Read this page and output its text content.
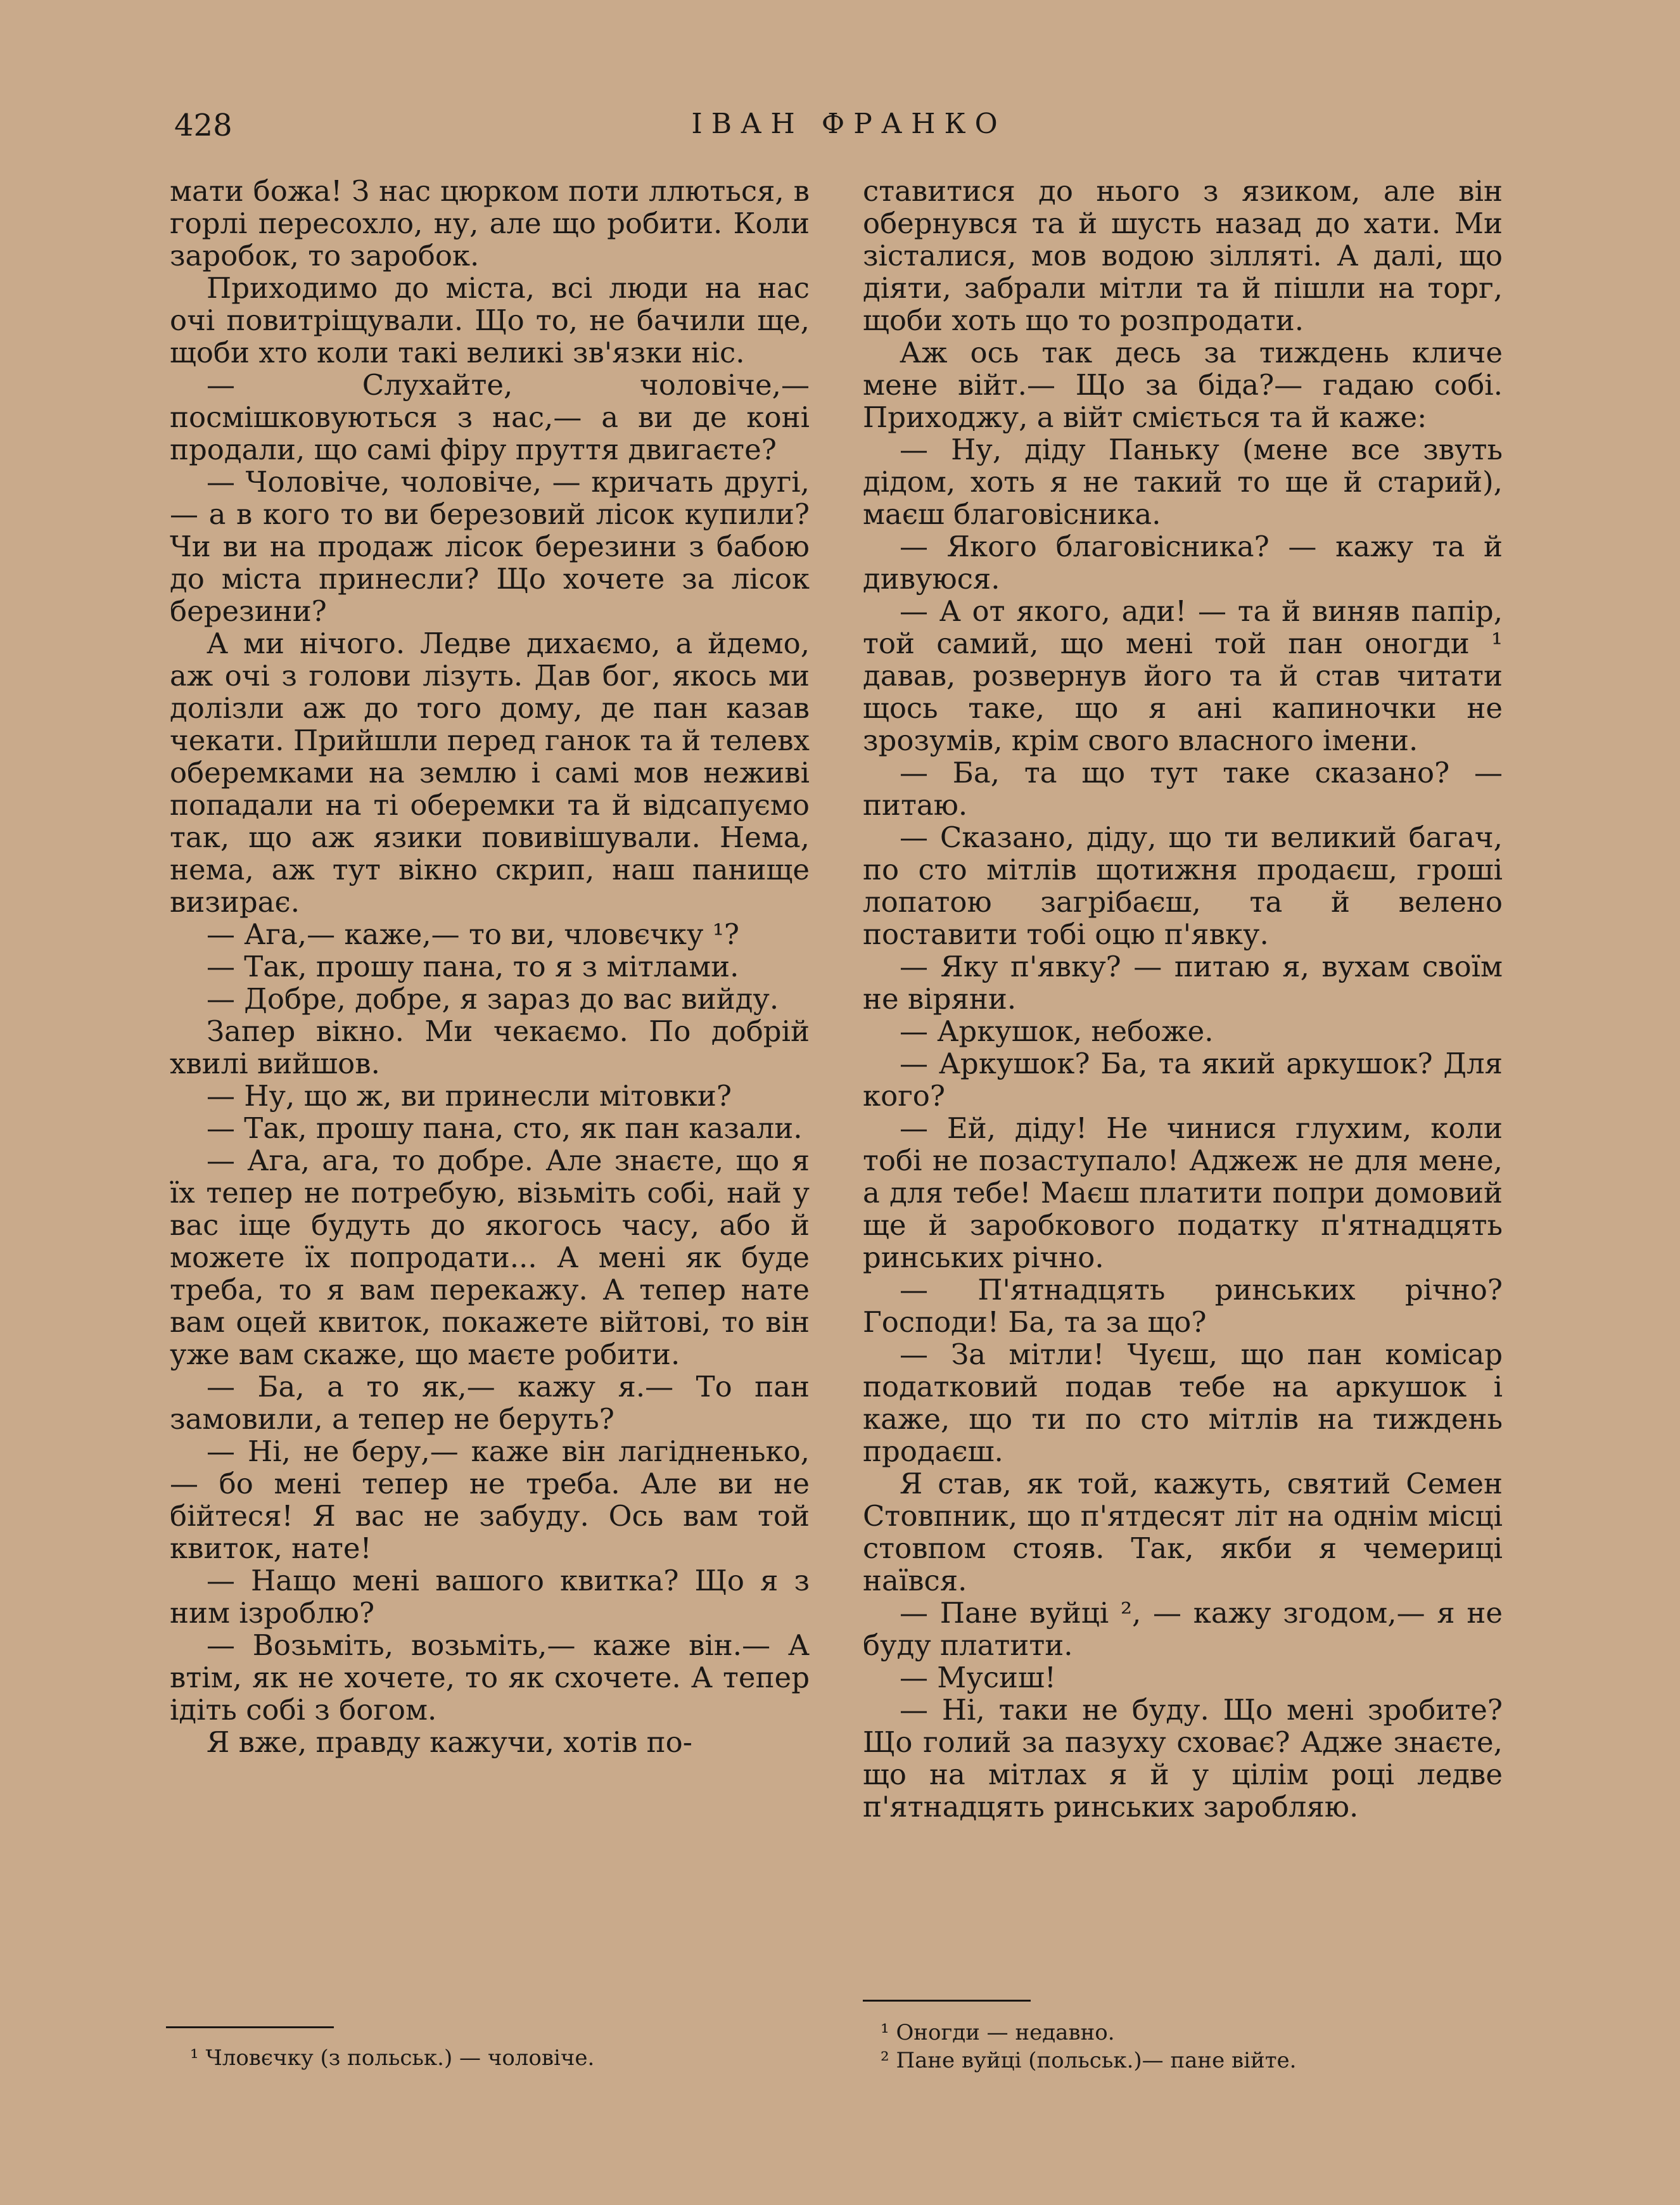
428	ІВАН ФРАНКО

мати божа! З нас цюрком поти ллються, в горлі пересохло, ну, але що робити. Коли заробок, то заробок.

Приходимо до міста, всі люди на нас очі повитріщували. Що то, не бачили ще, щоби хто коли такі великі зв'язки ніс.

— Слухайте, чоловіче,— посмішковуються з нас,— а ви де коні продали, що самі фіру пруття двигаєте?

— Чоловіче, чоловіче, — кричать другі,— а в кого то ви березовий лісок купили? Чи ви на продаж лісок березини з бабою до міста принесли? Що хочете за лісок березини?

А ми нічого. Ледве дихаємо, а йдемо, аж очі з голови лізуть. Дав бог, якось ми долізли аж до того дому, де пан казав чекати. Прийшли перед ганок та й телевх оберемками на землю і самі мов неживі попадали на ті оберемки та й відсапуємо так, що аж язики повивішували. Нема, нема, аж тут вікно скрип, наш панище визирає.

— Ага,— каже,— то ви, чловєчку ¹?

— Так, прошу пана, то я з мітлами.

— Добре, добре, я зараз до вас вийду.

Запер вікно. Ми чекаємо. По добрій хвилі вийшов.

— Ну, що ж, ви принесли мітовки?

— Так, прошу пана, сто, як пан казали.

— Ага, ага, то добре. Але знаєте, що я їх тепер не потребую, візьміть собі, най у вас іще будуть до якогось часу, або й можете їх попродати... А мені як буде треба, то я вам перекажу. А тепер нате вам оцей квиток, покажете війтові, то він уже вам скаже, що маєте робити.

— Ба, а то як,— кажу я.— То пан замовили, а тепер не беруть?

— Ні, не беру,— каже він лагідненько,— бо мені тепер не треба. Але ви не бійтеся! Я вас не забуду. Ось вам той квиток, нате!

— Нащо мені вашого квитка? Що я з ним ізроблю?

— Возьміть, возьміть,— каже він.— А втім, як не хочете, то як схочете. А тепер ідіть собі з богом.

Я вже, правду кажучи, хотів по-

ставитися до нього з язиком, але він обернувся та й шусть назад до хати. Ми зісталися, мов водою зілляті. А далі, що діяти, забрали мітли та й пішли на торг, щоби хоть що то розпродати.

Аж ось так десь за тиждень кличе мене війт.— Що за біда?— гадаю собі. Приходжу, а війт сміється та й каже:

— Ну, діду Паньку (мене все звуть дідом, хоть я не такий то ще й старий), маєш благовісника.

— Якого благовісника? — кажу та й дивуюся.

— А от якого, ади! — та й виняв папір, той самий, що мені той пан оногди ¹ давав, розвернув його та й став читати щось таке, що я ані капиночки не зрозумів, крім свого власного імени.

— Ба, та що тут таке сказано? — питаю.

— Сказано, діду, що ти великий багач, по сто мітлів щотижня продаєш, гроші лопатою загрібаєш, та й велено поставити тобі оцю п'явку.

— Яку п'явку? — питаю я, вухам своїм не віряни.

— Аркушок, небоже.

— Аркушок? Ба, та який аркушок? Для кого?

— Ей, діду! Не чинися глухим, коли тобі не позаступало! Аджеж не для мене, а для тебе! Маєш платити попри домовий ще й заробкового податку п'ятнадцять ринських річно.

— П'ятнадцять ринських річно? Господи! Ба, та за що?

— За мітли! Чуєш, що пан комісар податковий подав тебе на аркушок і каже, що ти по сто мітлів на тиждень продаєш.

Я став, як той, кажуть, святий Семен Стовпник, що п'ятдесят літ на однім місці стовпом стояв. Так, якби я чемериці наївся.

— Пане вуйці ², — кажу згодом,— я не буду платити.

— Мусиш!

— Ні, таки не буду. Що мені зробите? Що голий за пазуху сховає? Адже знаєте, що на мітлах я й у цілім році ледве п'ятнадцять ринських заробляю.

¹ Чловєчку (з польськ.) — чоловіче.
¹ Оногди — недавно.
² Пане вуйці (польськ.)— пане війте.
